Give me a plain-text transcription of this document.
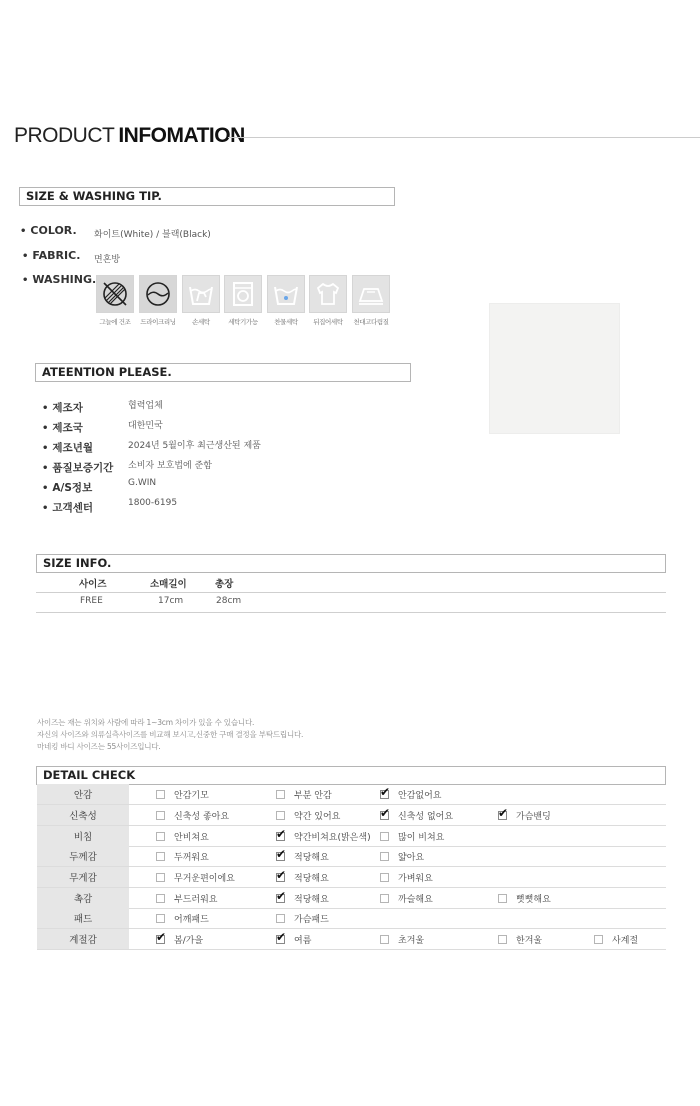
PRODUCT INFOMATION
SIZE & WASHING TIP.
• COLOR. 화이트(White) / 블랙(Black)
• FABRIC. 면혼방
• WASHING.
그늘에 건조	드라이크리닝	손세탁	세탁기가능	찬물세탁	뒤집어세탁	천대고다림질
ATEENTION PLEASE.
• 제조자	협력업체
• 제조국	대한민국
• 제조년월	2024년 5월이후 최근생산된 제품
• 품질보증기간 소비자 보호법에 준함
• A/S정보	G.WIN
• 고객센터	1800-6195
SIZE INFO.
사이즈	소매길이	총장
FREE	17cm	28cm
사이즈는 재는 위치와 사람에 따라 1~3cm 차이가 있을 수 있습니다.
자신의 사이즈와 의류실측사이즈를 비교해 보시고,신중한 구매 결정을 부탁드립니다.
마네킹 바디 사이즈는 55사이즈입니다.
DETAIL CHECK
안감	안감기모	부분 안감 ✔	안감없어요
신축성	신축성 좋아요	약간 있어요 ✔	신축성 없어요 ✔	가슴밴딩
비침	안비쳐요 ✔	약간비쳐요(밝은색)	많이 비쳐요
두께감	두꺼워요 ✔	적당해요	얇아요
무게감	무거운편이에요 ✔	적당해요	가벼워요
촉감	부드러워요 ✔	적당해요	까슬해요	뻣뻣해요
패드	어깨패드	가슴패드
계절감 ✔	봄/가을 ✔	여름	초겨울	한겨울	사계절
